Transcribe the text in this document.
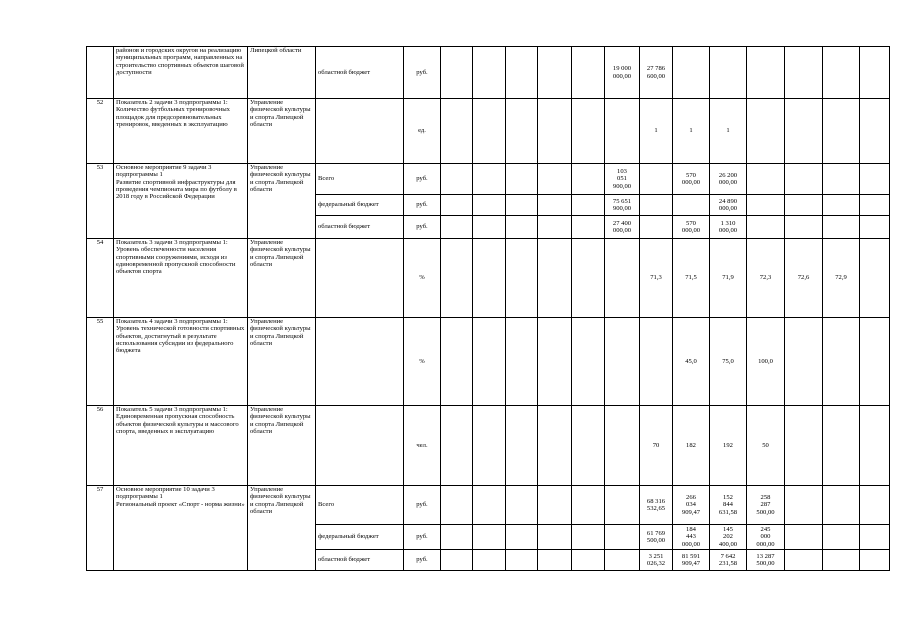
	районов и городских округов на реализацию муниципальных программ, направленных на строительство спортивных объектов шаговой доступности	Липецкой области	областной бюджет	руб.						19 000
000,00	27 786
600,00						

52	Показатель 2 задачи 3 подпрограммы 1:
Количество футбольных тренировочных площадок для предсоревновательных тренировок, введенных в эксплуатацию	Управление физической культуры и спорта Липецкой области		ед.							1	1	1				

53	Основное мероприятие 9 задачи 3 подпрограммы 1
Развитие спортивной инфраструктуры для проведения чемпионата мира по футболу в 2018 году в Российской Федерации	Управление физической культуры и спорта Липецкой области	Всего	руб.						103
051
900,00		570
000,00	26 200
000,00				

			федеральный бюджет	руб.						75 651
900,00			24 890
000,00				

			областной бюджет	руб.						27 400
000,00		570
000,00	1 310
000,00				

54	Показатель 3 задачи 3 подпрограммы 1:
Уровень обеспеченности населения спортивными сооружениями, исходя из единовременной пропускной способности объектов спорта	Управление физической культуры и спорта Липецкой области		%							71,3	71,5	71,9	72,3	72,6	72,9	

55	Показатель 4 задачи 3 подпрограммы 1:
Уровень технической готовности спортивных объектов, достигнутый в результате использования субсидии из федерального бюджета	Управление физической культуры и спорта Липецкой области		%								45,0	75,0	100,0			

56	Показатель 5 задачи 3 подпрограммы 1:
Единовременная пропускная способность объектов физической культуры и массового спорта, введенных в эксплуатацию	Управление физической культуры и спорта Липецкой области		чел.							70	182	192	50			

57	Основное мероприятие 10 задачи 3 подпрограммы 1
Региональный проект «Спорт - норма жизни»	Управление физической культуры и спорта Липецкой области	Всего	руб.							68 316
532,65	266
034
909,47	152
844
631,58	258
287
500,00			

			федеральный бюджет	руб.							61 769
500,00	184
443
000,00	145
202
400,00	245
000
000,00			

			областной бюджет	руб.							3 251
026,32	81 591
909,47	7 642
231,58	13 287
500,00			
